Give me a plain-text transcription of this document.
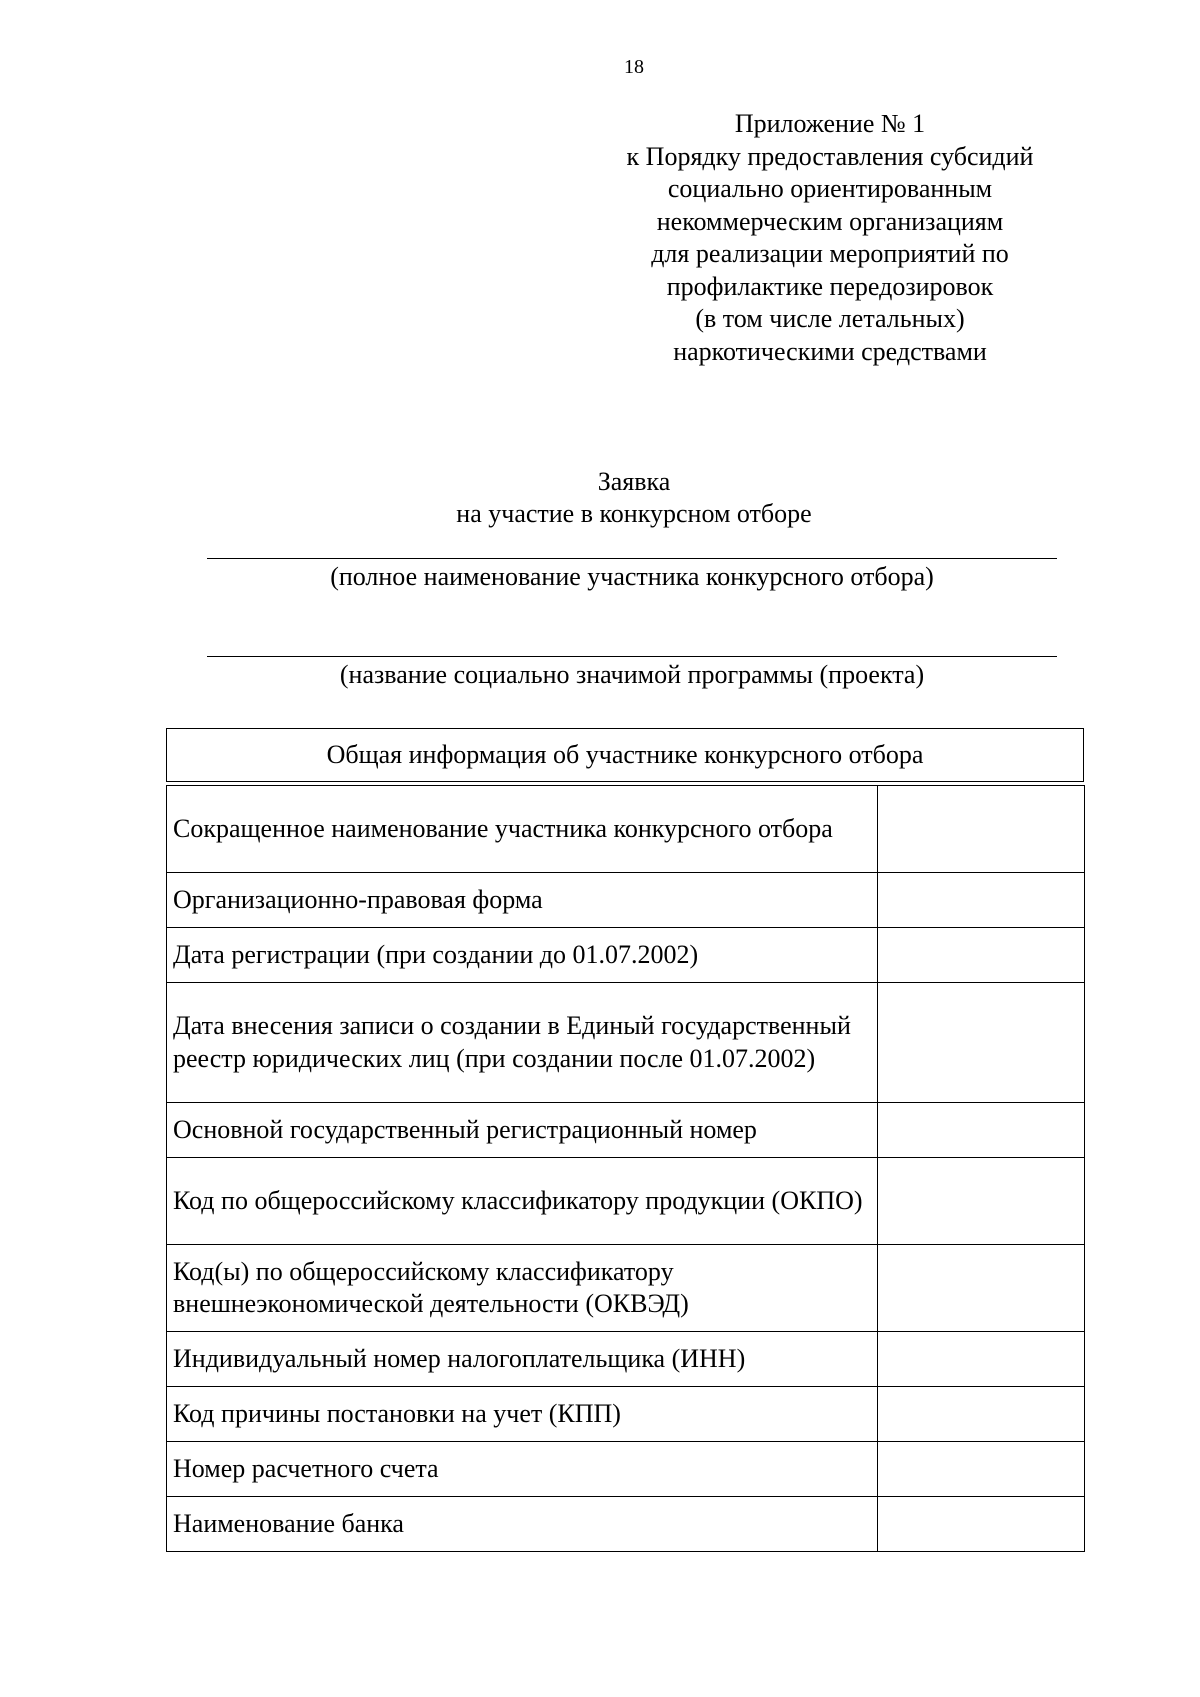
18
Приложение № 1
к Порядку предоставления субсидий
социально ориентированным
некоммерческим организациям
для реализации мероприятий по
профилактике передозировок
(в том числе летальных)
наркотическими средствами
Заявка
на участие в конкурсном отборе
(полное наименование участника конкурсного отбора)
(название социально значимой программы (проекта)
Общая информация об участнике конкурсного отбора
Сокращенное наименование участника конкурсного отбора	
Организационно-правовая форма	
Дата регистрации (при создании до 01.07.2002)	
Дата внесения записи о создании в Единый государственный реестр юридических лиц (при создании после 01.07.2002)	
Основной государственный регистрационный номер	
Код по общероссийскому классификатору продукции (ОКПО)	
Код(ы) по общероссийскому классификатору внешнеэкономической деятельности (ОКВЭД)	
Индивидуальный номер налогоплательщика (ИНН)	
Код причины постановки на учет (КПП)	
Номер расчетного счета	
Наименование банка	
